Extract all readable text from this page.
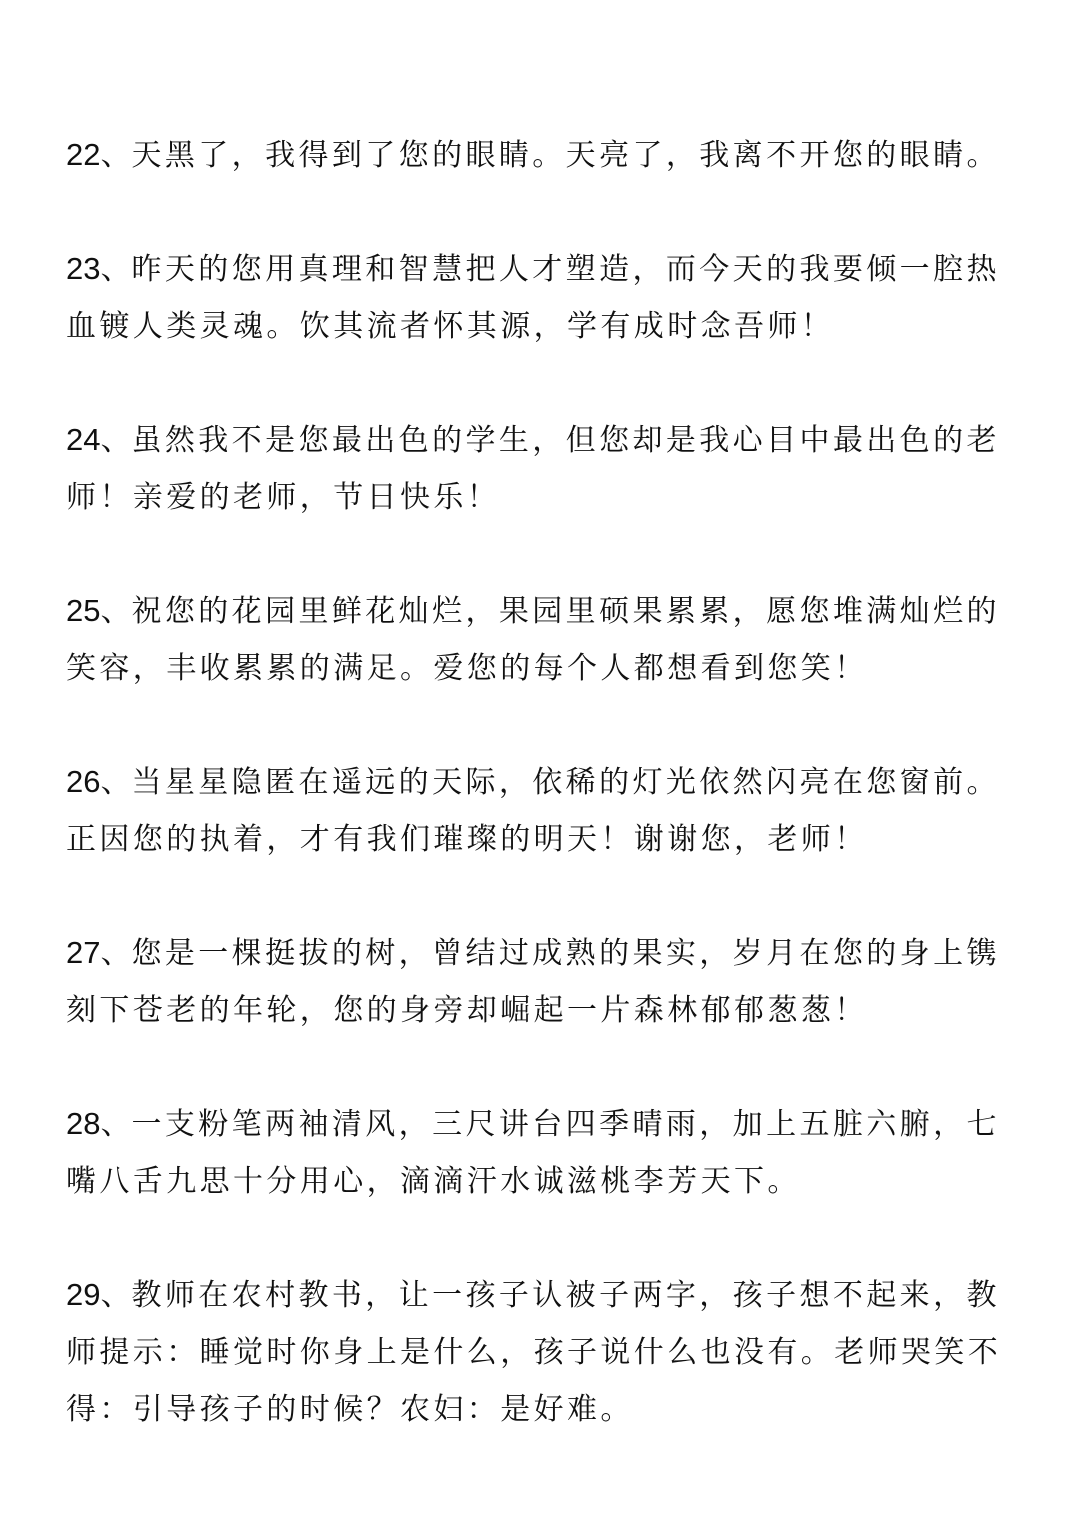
22、天黑了，我得到了您的眼睛。天亮了，我离不开您的眼睛。

23、昨天的您用真理和智慧把人才塑造，而今天的我要倾一腔热血镀人类灵魂。饮其流者怀其源，学有成时念吾师！

24、虽然我不是您最出色的学生，但您却是我心目中最出色的老师！亲爱的老师，节日快乐！

25、祝您的花园里鲜花灿烂，果园里硕果累累，愿您堆满灿烂的笑容，丰收累累的满足。爱您的每个人都想看到您笑！

26、当星星隐匿在遥远的天际，依稀的灯光依然闪亮在您窗前。正因您的执着，才有我们璀璨的明天！谢谢您，老师！

27、您是一棵挺拔的树，曾结过成熟的果实，岁月在您的身上镌刻下苍老的年轮，您的身旁却崛起一片森林郁郁葱葱！

28、一支粉笔两袖清风，三尺讲台四季晴雨，加上五脏六腑，七嘴八舌九思十分用心，滴滴汗水诚滋桃李芳天下。

29、教师在农村教书，让一孩子认被子两字，孩子想不起来，教师提示：睡觉时你身上是什么，孩子说什么也没有。老师哭笑不得：引导孩子的时候？农妇：是好难。
